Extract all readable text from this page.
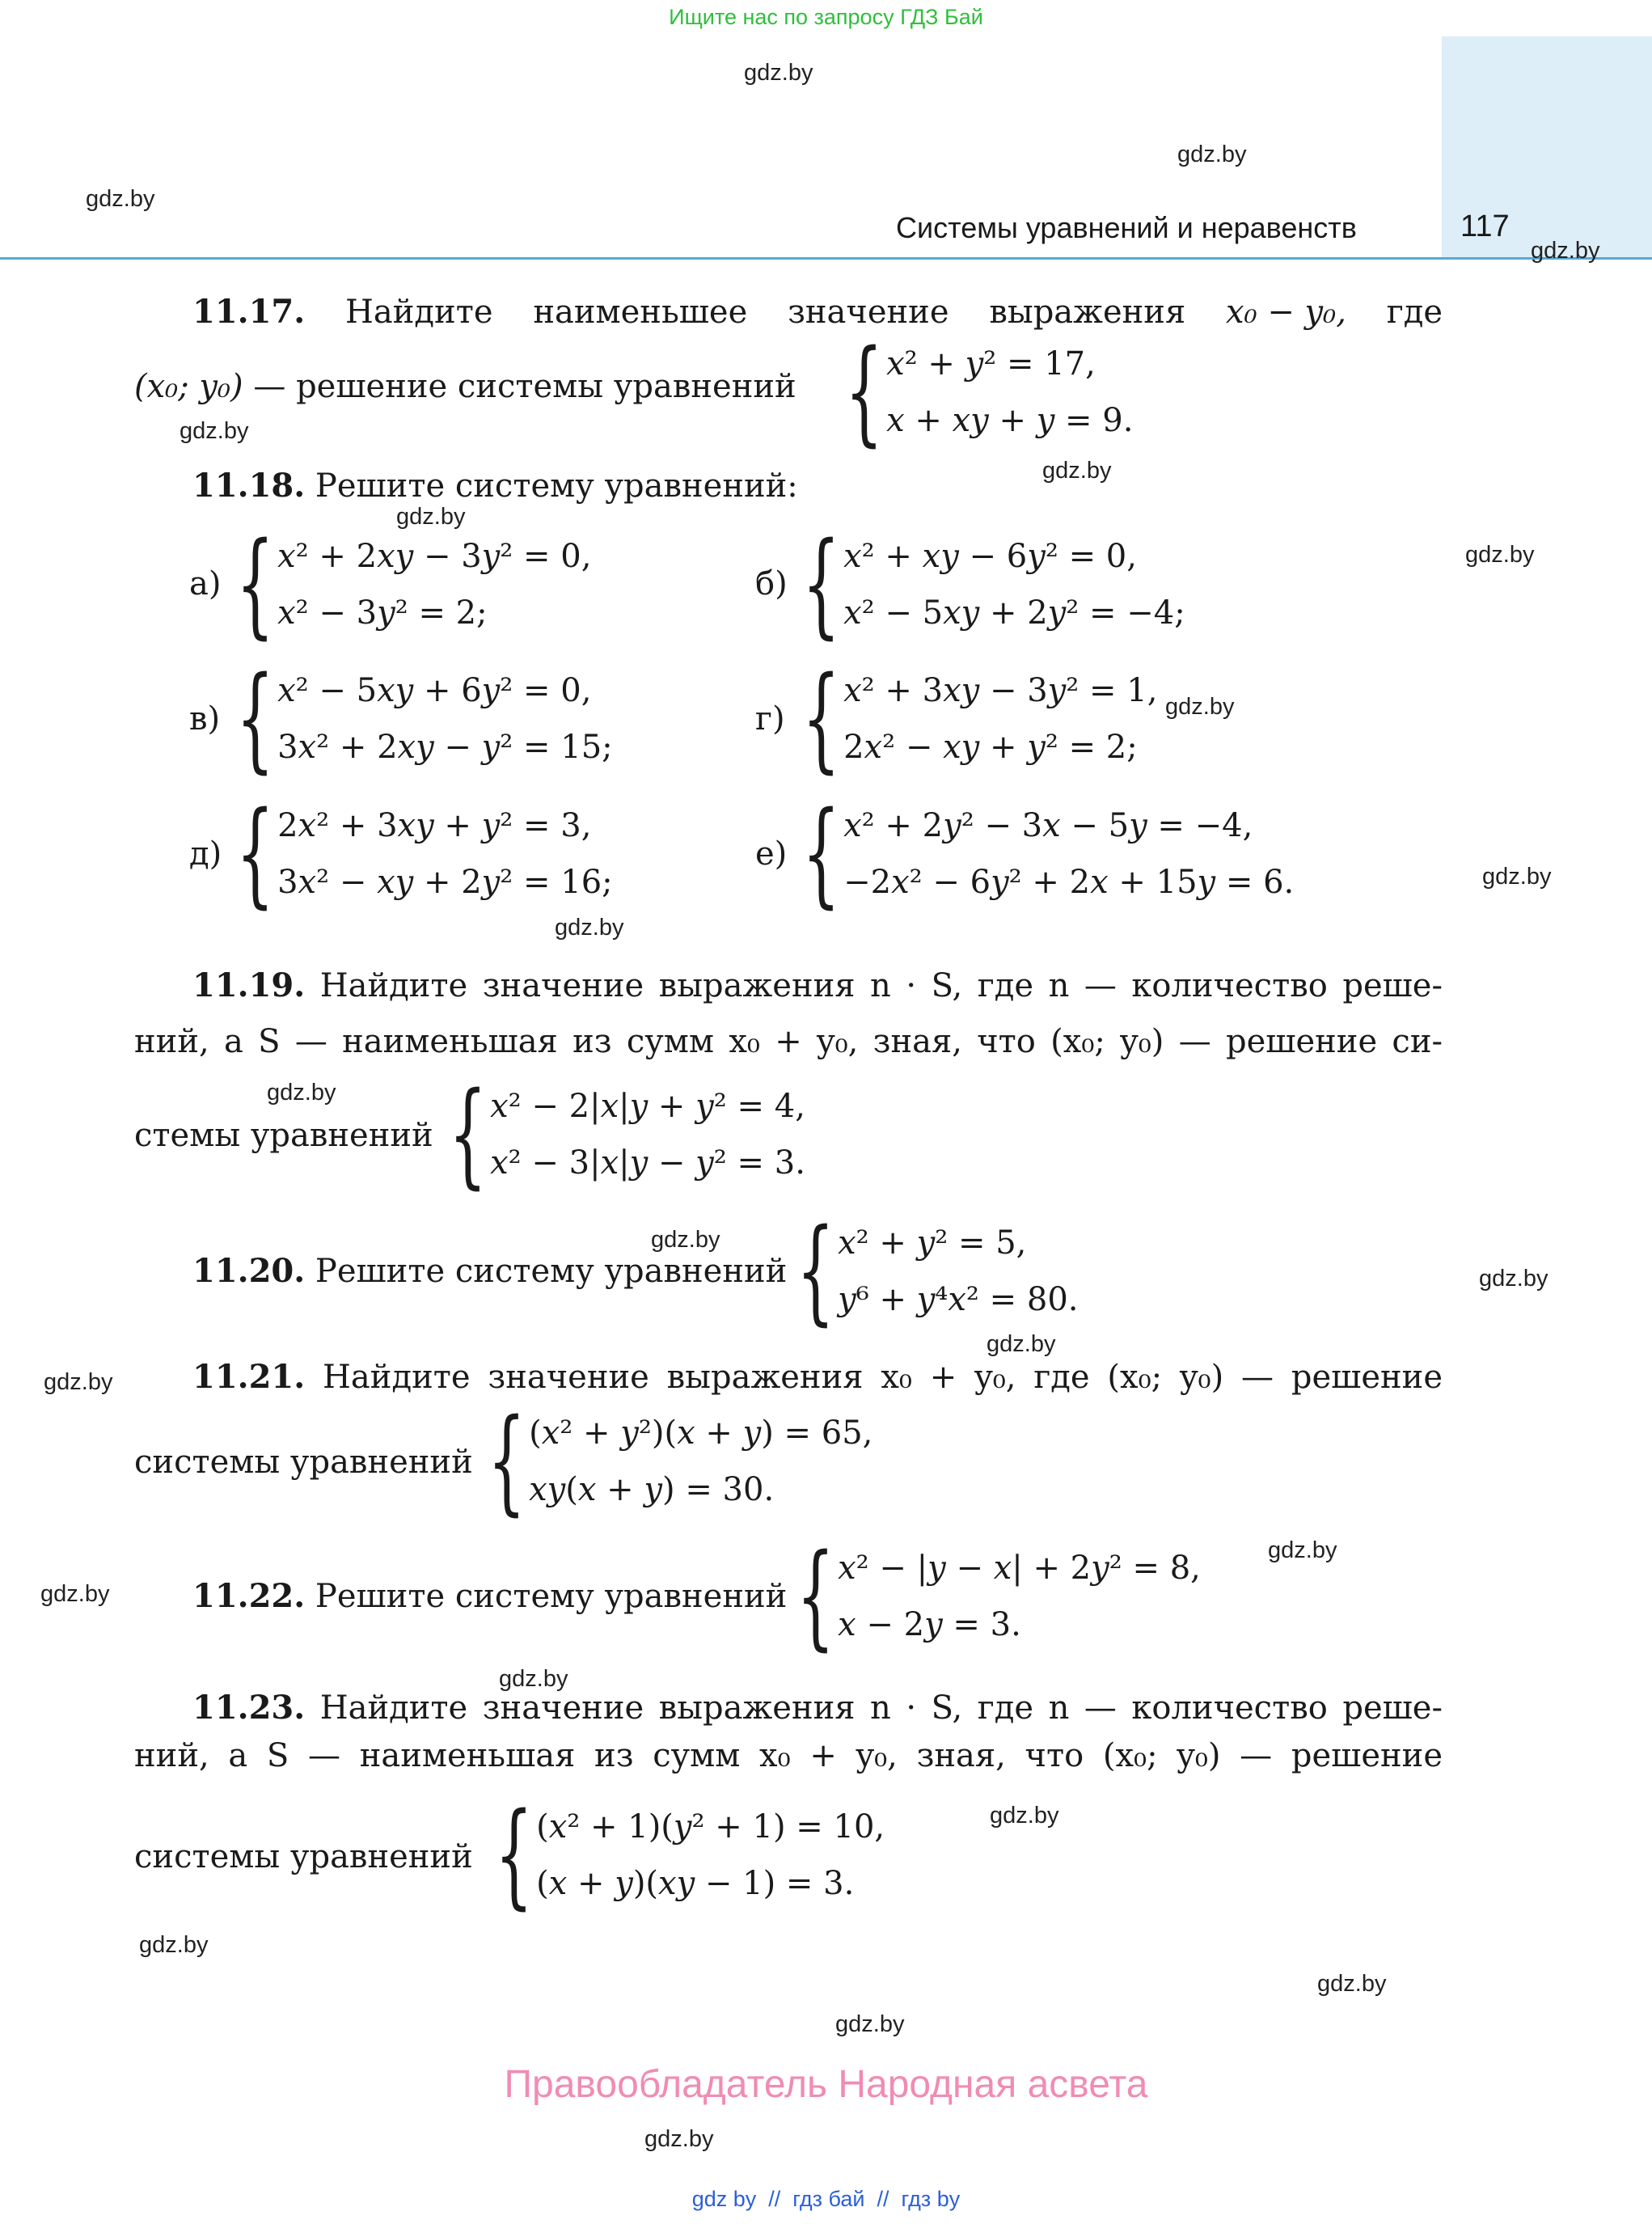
Ищите нас по запросу ГДЗ Бай
Системы уравнений и неравенств	117
gdz.by
gdz.by
gdz.by
gdz.by
gdz.by
gdz.by
gdz.by
gdz.by
gdz.by
gdz.by
gdz.by
gdz.by
gdz.by
gdz.by
gdz.by
gdz.by
gdz.by
gdz.by
gdz.by
gdz.by
gdz.by
gdz.by
gdz.by
gdz.by
11.17. Найдите наименьшее значение выражения x₀ − y₀, где
(x₀; y₀) — решение системы уравнений { x² + y² = 17,
x + xy + y = 9.
11.18. Решите систему уравнений:
а) { x² + 2xy − 3y² = 0,
x² − 3y² = 2;
б) { x² + xy − 6y² = 0,
x² − 5xy + 2y² = −4;
в) { x² − 5xy + 6y² = 0,
3x² + 2xy − y² = 15;
г) { x² + 3xy − 3y² = 1,
2x² − xy + y² = 2;
д) { 2x² + 3xy + y² = 3,
3x² − xy + 2y² = 16;
е) { x² + 2y² − 3x − 5y = −4,
−2x² − 6y² + 2x + 15y = 6.
11.19. Найдите значение выражения n · S, где n — количество реше-
ний, а S — наименьшая из сумм x₀ + y₀, зная, что (x₀; y₀) — решение си-
стемы уравнений { x² − 2|x|y + y² = 4,
x² − 3|x|y − y² = 3.
11.20. Решите систему уравнений { x² + y² = 5,
y⁶ + y⁴x² = 80.
11.21. Найдите значение выражения x₀ + y₀, где (x₀; y₀) — решение
системы уравнений { (x² + y²)(x + y) = 65,
xy(x + y) = 30.
11.22. Решите систему уравнений { x² − |y − x| + 2y² = 8,
x − 2y = 3.
11.23. Найдите значение выражения n · S, где n — количество реше-
ний, а S — наименьшая из сумм x₀ + y₀, зная, что (x₀; y₀) — решение
системы уравнений { (x² + 1)(y² + 1) = 10,
(x + y)(xy − 1) = 3.
Правообладатель Народная асвета
gdz by  //  гдз бай  //  гдз by
